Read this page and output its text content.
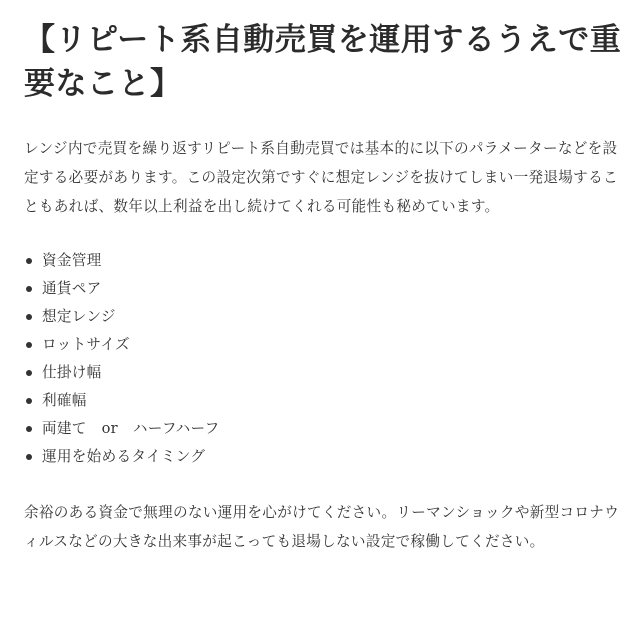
【リピート系自動売買を運用するうえで重要なこと】

レンジ内で売買を繰り返すリピート系自動売買では基本的に以下のパラメーターなどを設定する必要があります。この設定次第ですぐに想定レンジを抜けてしまい一発退場することもあれば、数年以上利益を出し続けてくれる可能性も秘めています。

資金管理
通貨ペア
想定レンジ
ロットサイズ
仕掛け幅
利確幅
両建て　or　ハーフハーフ
運用を始めるタイミング

余裕のある資金で無理のない運用を心がけてください。リーマンショックや新型コロナウィルスなどの大きな出来事が起こっても退場しない設定で稼働してください。
